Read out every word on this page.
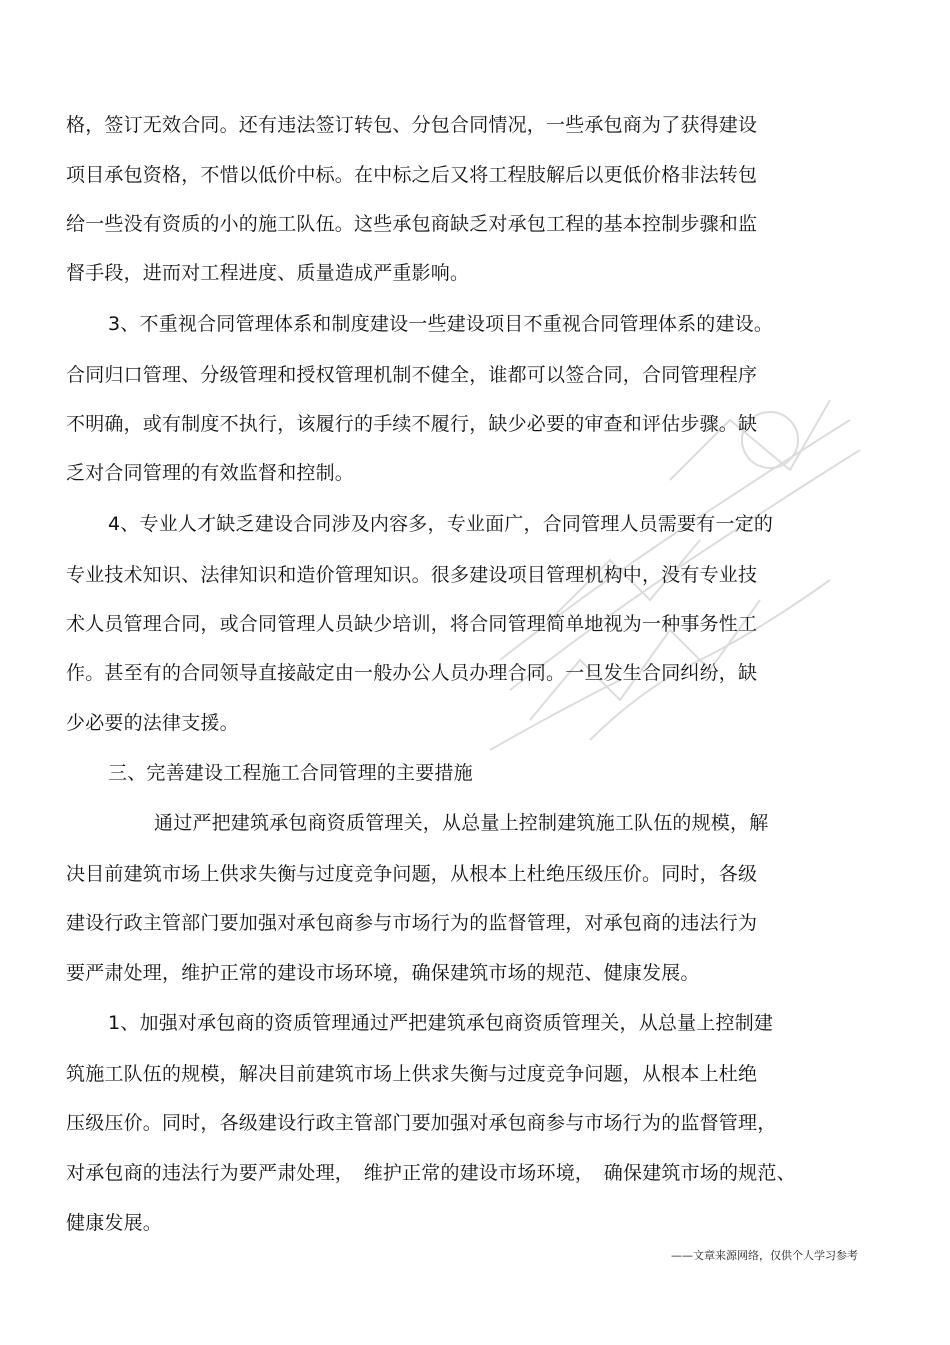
格，签订无效合同。还有违法签订转包、分包合同情况，一些承包商为了获得建设
项目承包资格，不惜以低价中标。在中标之后又将工程肢解后以更低价格非法转包
给一些没有资质的小的施工队伍。这些承包商缺乏对承包工程的基本控制步骤和监
督手段，进而对工程进度、质量造成严重影响。
3、不重视合同管理体系和制度建设一些建设项目不重视合同管理体系的建设。
合同归口管理、分级管理和授权管理机制不健全，谁都可以签合同，合同管理程序
不明确，或有制度不执行，该履行的手续不履行，缺少必要的审查和评估步骤。缺
乏对合同管理的有效监督和控制。
4、专业人才缺乏建设合同涉及内容多，专业面广，合同管理人员需要有一定的
专业技术知识、法律知识和造价管理知识。很多建设项目管理机构中，没有专业技
术人员管理合同，或合同管理人员缺少培训，将合同管理简单地视为一种事务性工
作。甚至有的合同领导直接敲定由一般办公人员办理合同。一旦发生合同纠纷，缺
少必要的法律支援。
三、完善建设工程施工合同管理的主要措施
通过严把建筑承包商资质管理关，从总量上控制建筑施工队伍的规模，解
决目前建筑市场上供求失衡与过度竞争问题，从根本上杜绝压级压价。同时，各级
建设行政主管部门要加强对承包商参与市场行为的监督管理，对承包商的违法行为
要严肃处理，维护正常的建设市场环境，确保建筑市场的规范、健康发展。
1、加强对承包商的资质管理通过严把建筑承包商资质管理关，从总量上控制建
筑施工队伍的规模，解决目前建筑市场上供求失衡与过度竞争问题，从根本上杜绝
压级压价。同时，各级建设行政主管部门要加强对承包商参与市场行为的监督管理，
对承包商的违法行为要严肃处理，　维护正常的建设市场环境，　确保建筑市场的规范、
健康发展。
——文章来源网络，仅供个人学习参考
